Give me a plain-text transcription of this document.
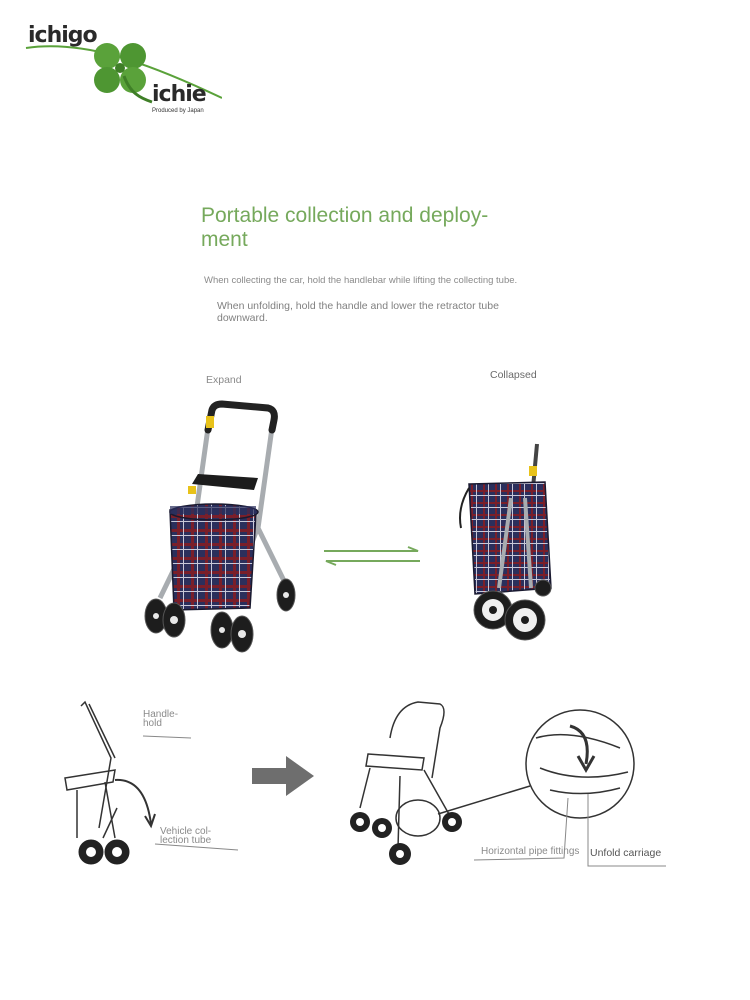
ichigo
ichie
Produced by Japan
Portable collection and deploy- ment
When collecting the car, hold the handlebar while lifting the collecting tube.
When unfolding, hold the handle and lower the retractor tube downward.
Expand	Collapsed
Handle-
hold
Vehicle col-
lection tube
Horizontal pipe fittings Unfold carriage
